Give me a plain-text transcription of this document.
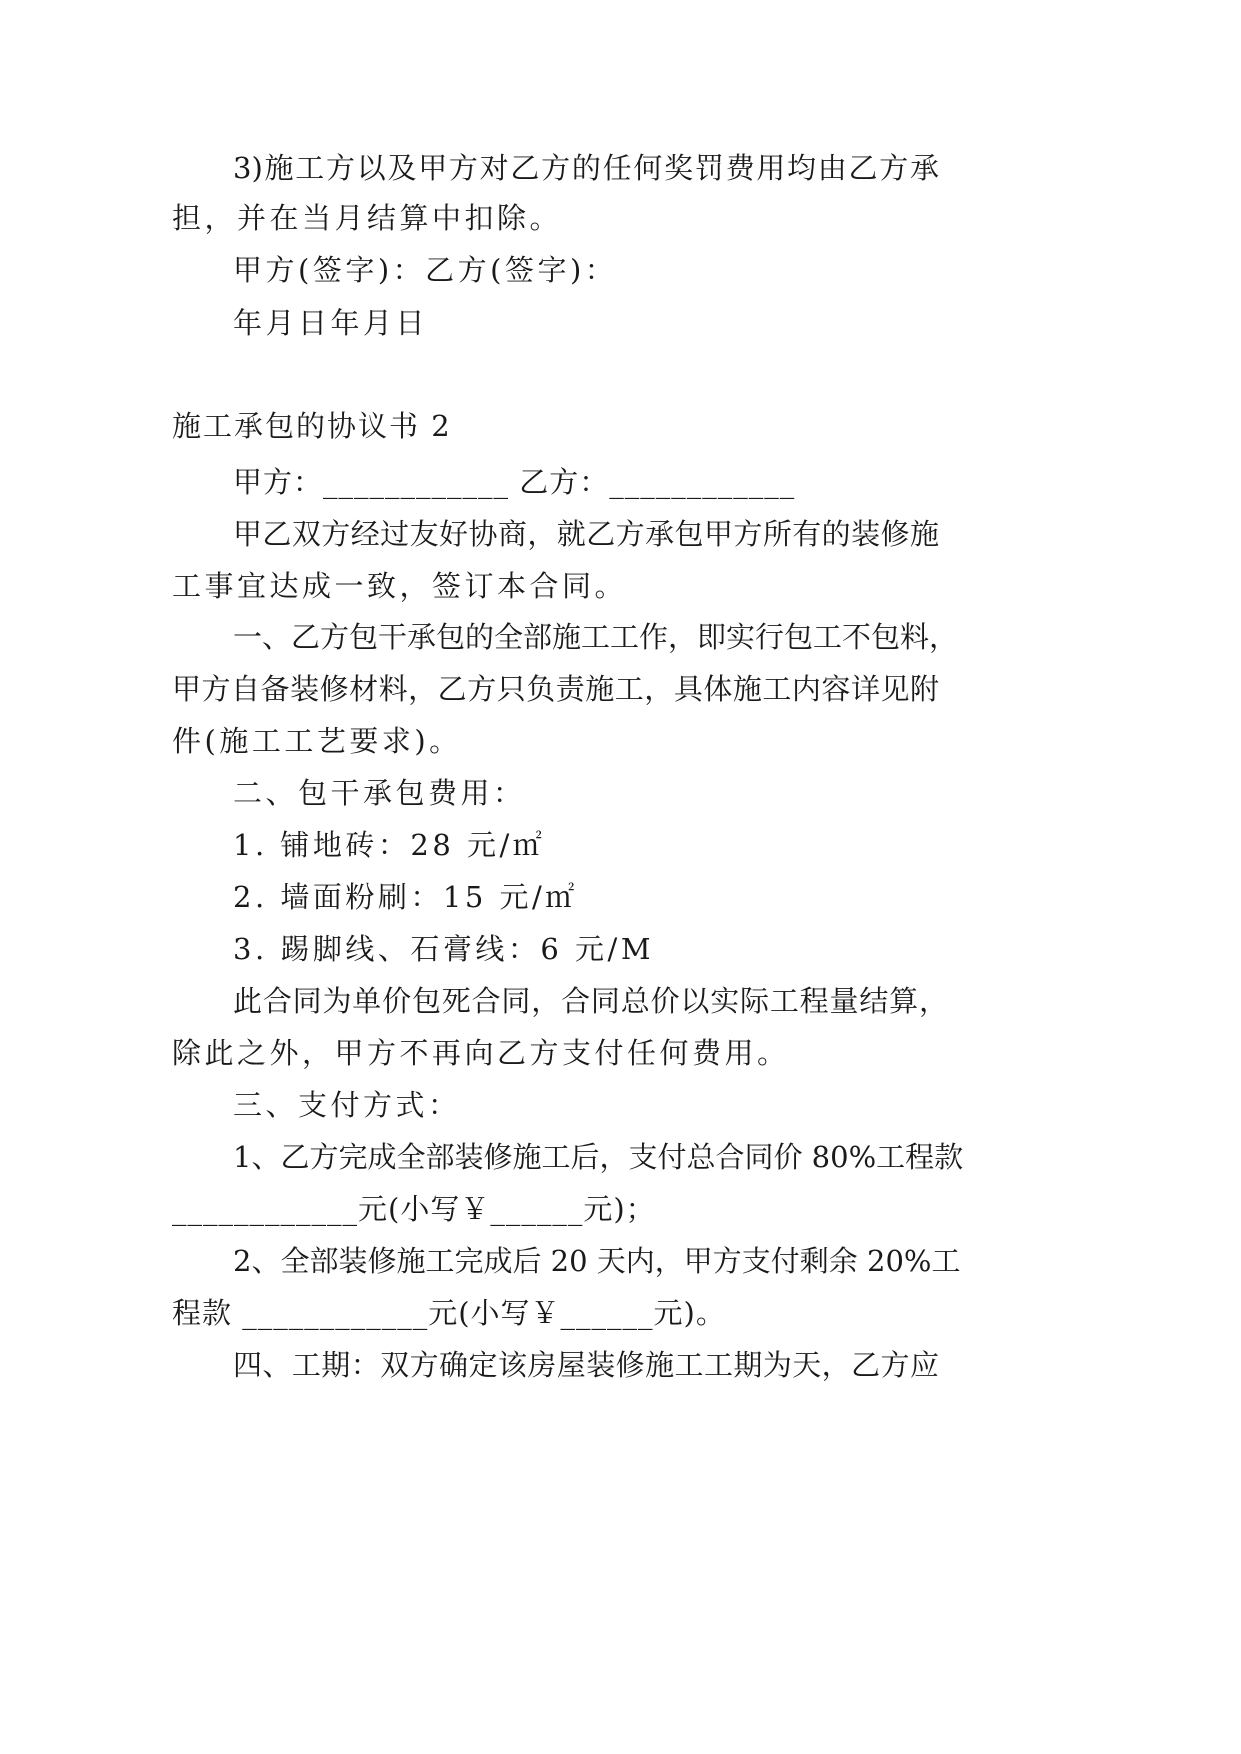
3)施工方以及甲方对乙方的任何奖罚费用均由乙方承
担，并在当月结算中扣除。
甲方(签字)：乙方(签字)：
年月日年月日
施工承包的协议书 2
甲方：____________ 乙方：____________
甲乙双方经过友好协商，就乙方承包甲方所有的装修施
工事宜达成一致，签订本合同。
一、乙方包干承包的全部施工工作，即实行包工不包料，
甲方自备装修材料，乙方只负责施工，具体施工内容详见附
件(施工工艺要求)。
二、包干承包费用：
1. 铺地砖：28 元/㎡
2. 墙面粉刷：15 元/㎡
3. 踢脚线、石膏线：6 元/M
此合同为单价包死合同，合同总价以实际工程量结算，
除此之外，甲方不再向乙方支付任何费用。
三、支付方式：
1、乙方完成全部装修施工后，支付总合同价 80%工程款
____________元(小写￥______元)；
2、全部装修施工完成后 20 天内，甲方支付剩余 20%工
程款 ____________元(小写￥______元)。
四、工期：双方确定该房屋装修施工工期为天，乙方应
